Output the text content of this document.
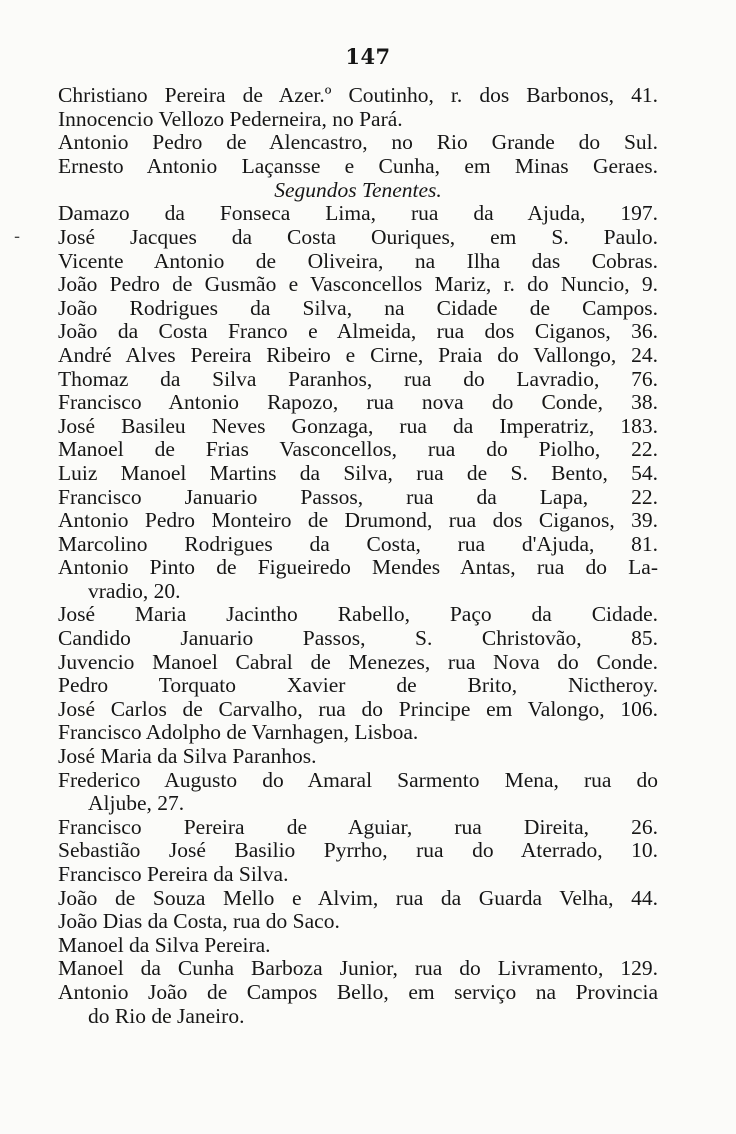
147
-
Christiano Pereira de Azer.º Coutinho, r. dos Barbonos, 41.
Innocencio Vellozo Pederneira, no Pará.
Antonio Pedro de Alencastro, no Rio Grande do Sul.
Ernesto Antonio Laçansse e Cunha, em Minas Geraes.
Segundos Tenentes.
Damazo da Fonseca Lima, rua da Ajuda, 197.
José Jacques da Costa Ouriques, em S. Paulo.
Vicente Antonio de Oliveira, na Ilha das Cobras.
João Pedro de Gusmão e Vasconcellos Mariz, r. do Nuncio, 9.
João Rodrigues da Silva, na Cidade de Campos.
João da Costa Franco e Almeida, rua dos Ciganos, 36.
André Alves Pereira Ribeiro e Cirne, Praia do Vallongo, 24.
Thomaz da Silva Paranhos, rua do Lavradio, 76.
Francisco Antonio Rapozo, rua nova do Conde, 38.
José Basileu Neves Gonzaga, rua da Imperatriz, 183.
Manoel de Frias Vasconcellos, rua do Piolho, 22.
Luiz Manoel Martins da Silva, rua de S. Bento, 54.
Francisco Januario Passos, rua da Lapa, 22.
Antonio Pedro Monteiro de Drumond, rua dos Ciganos, 39.
Marcolino Rodrigues da Costa, rua d'Ajuda, 81.
Antonio Pinto de Figueiredo Mendes Antas, rua do La-
vradio, 20.
José Maria Jacintho Rabello, Paço da Cidade.
Candido Januario Passos, S. Christovão, 85.
Juvencio Manoel Cabral de Menezes, rua Nova do Conde.
Pedro Torquato Xavier de Brito, Nictheroy.
José Carlos de Carvalho, rua do Principe em Valongo, 106.
Francisco Adolpho de Varnhagen, Lisboa.
José Maria da Silva Paranhos.
Frederico Augusto do Amaral Sarmento Mena, rua do
Aljube, 27.
Francisco Pereira de Aguiar, rua Direita, 26.
Sebastião José Basilio Pyrrho, rua do Aterrado, 10.
Francisco Pereira da Silva.
João de Souza Mello e Alvim, rua da Guarda Velha, 44.
João Dias da Costa, rua do Saco.
Manoel da Silva Pereira.
Manoel da Cunha Barboza Junior, rua do Livramento, 129.
Antonio João de Campos Bello, em serviço na Provincia
do Rio de Janeiro.
